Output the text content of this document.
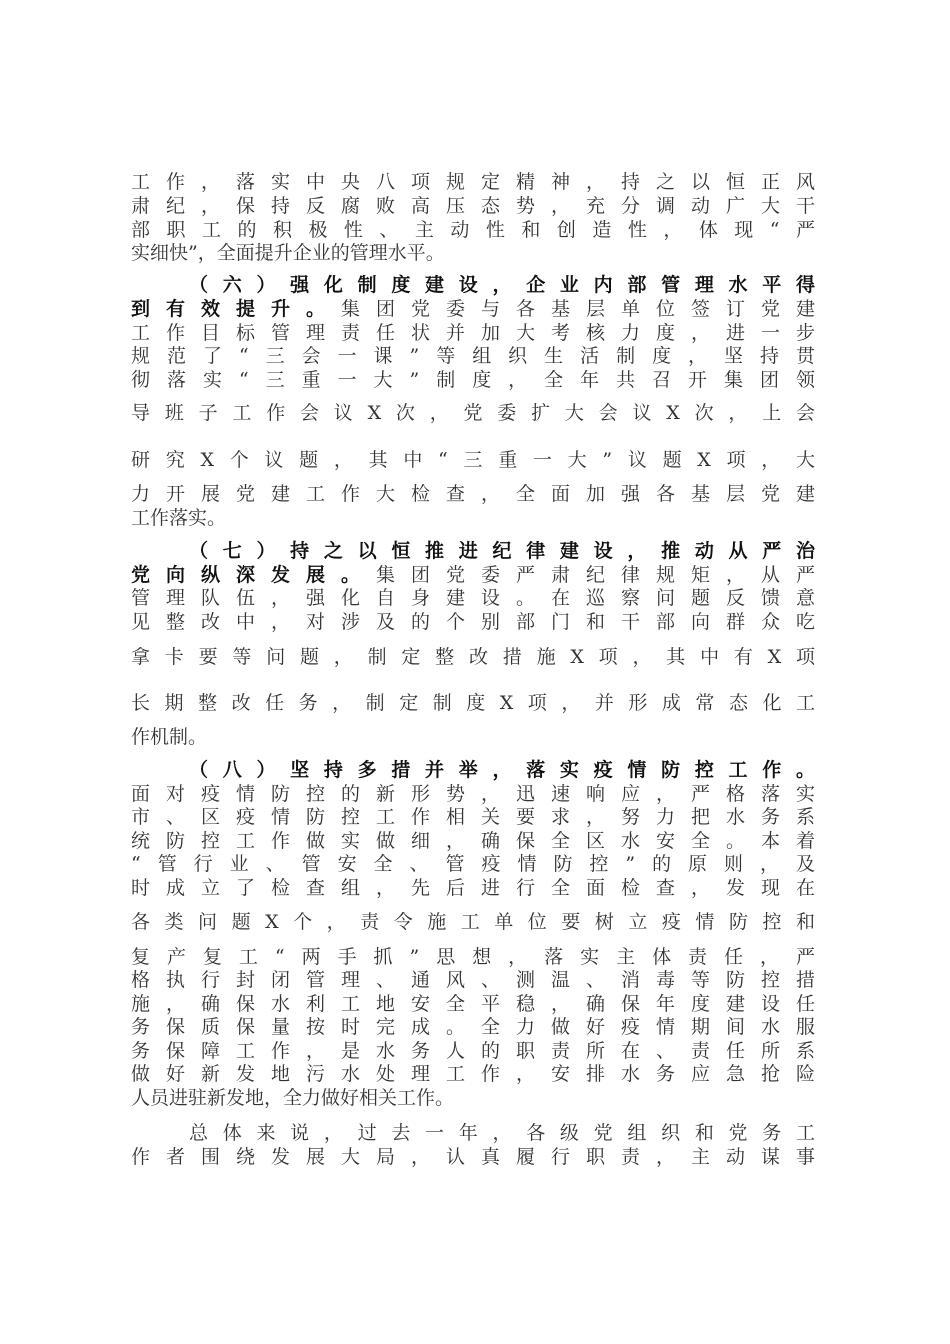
工作，落实中央八项规定精神，持之以恒正风
肃纪，保持反腐败高压态势，充分调动广大干
部职工的积极性、主动性和创造性，体现“严
实细快”，全面提升企业的管理水平。
（六）强化制度建设，企业内部管理水平得
到有效提升。集团党委与各基层单位签订党建
工作目标管理责任状并加大考核力度，进一步
规范了“三会一课”等组织生活制度，坚持贯
彻落实“三重一大”制度，全年共召开集团领
导班子工作会议X次，党委扩大会议X次，上会
研究X个议题，其中“三重一大”议题X项，大
力开展党建工作大检查，全面加强各基层党建
工作落实。
（七）持之以恒推进纪律建设，推动从严治
党向纵深发展。集团党委严肃纪律规矩，从严
管理队伍，强化自身建设。在巡察问题反馈意
见整改中，对涉及的个别部门和干部向群众吃
拿卡要等问题，制定整改措施X项，其中有X项
长期整改任务，制定制度X项，并形成常态化工
作机制。
（八）坚持多措并举，落实疫情防控工作。
面对疫情防控的新形势，迅速响应，严格落实
市、区疫情防控工作相关要求，努力把水务系
统防控工作做实做细，确保全区水安全。本着
“管行业、管安全、管疫情防控”的原则，及
时成立了检查组，先后进行全面检查，发现在
各类问题X个，责令施工单位要树立疫情防控和
复产复工“两手抓”思想，落实主体责任，严
格执行封闭管理、通风、测温、消毒等防控措
施，确保水利工地安全平稳，确保年度建设任
务保质保量按时完成。全力做好疫情期间水服
务保障工作，是水务人的职责所在、责任所系
做好新发地污水处理工作，安排水务应急抢险
人员进驻新发地，全力做好相关工作。
总体来说，过去一年，各级党组织和党务工
作者围绕发展大局，认真履行职责，主动谋事
